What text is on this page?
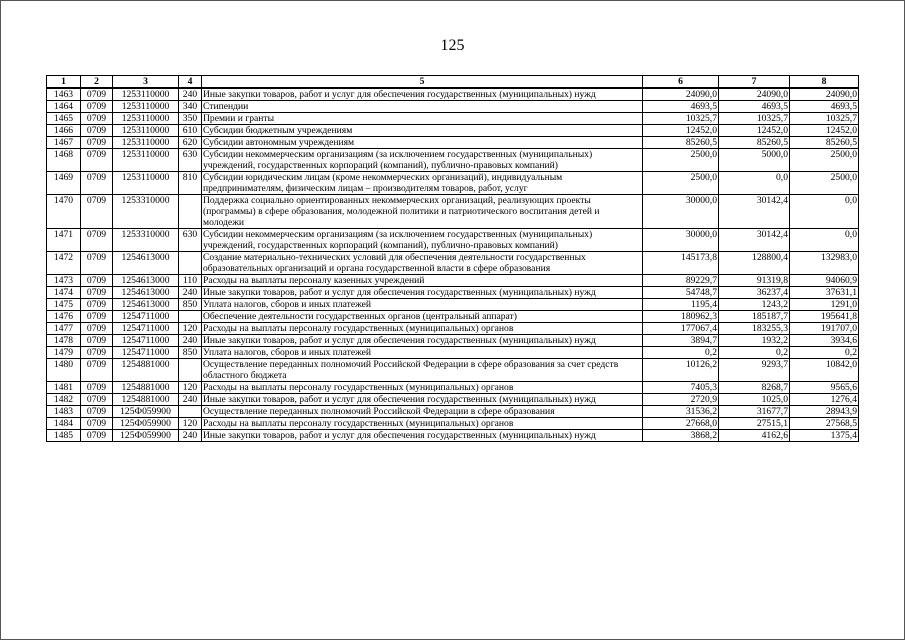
125
1	2	3	4	5	6	7	8
1463	0709	1253110000	240	Иные закупки товаров, работ и услуг для обеспечения государственных (муниципальных) нужд	24090,0	24090,0	24090,0
1464	0709	1253110000	340	Стипендии	4693,5	4693,5	4693,5
1465	0709	1253110000	350	Премии и гранты	10325,7	10325,7	10325,7
1466	0709	1253110000	610	Субсидии бюджетным учреждениям	12452,0	12452,0	12452,0
1467	0709	1253110000	620	Субсидии автономным учреждениям	85260,5	85260,5	85260,5
1468	0709	1253110000	630	Субсидии некоммерческим организациям (за исключением государственных (муниципальных) учреждений, государственных корпораций (компаний), публично-правовых компаний)	2500,0	5000,0	2500,0
1469	0709	1253110000	810	Субсидии юридическим лицам (кроме некоммерческих организаций), индивидуальным предпринимателям, физическим лицам – производителям товаров, работ, услуг	2500,0	0,0	2500,0
1470	0709	1253310000		Поддержка социально ориентированных некоммерческих организаций, реализующих проекты (программы) в сфере образования, молодежной политики и патриотического воспитания детей и молодежи	30000,0	30142,4	0,0
1471	0709	1253310000	630	Субсидии некоммерческим организациям (за исключением государственных (муниципальных) учреждений, государственных корпораций (компаний), публично-правовых компаний)	30000,0	30142,4	0,0
1472	0709	1254613000		Создание материально-технических условий для обеспечения деятельности государственных образовательных организаций и органа государственной власти в сфере образования	145173,8	128800,4	132983,0
1473	0709	1254613000	110	Расходы на выплаты персоналу казенных учреждений	89229,7	91319,8	94060,9
1474	0709	1254613000	240	Иные закупки товаров, работ и услуг для обеспечения государственных (муниципальных) нужд	54748,7	36237,4	37631,1
1475	0709	1254613000	850	Уплата налогов, сборов и иных платежей	1195,4	1243,2	1291,0
1476	0709	1254711000		Обеспечение деятельности государственных органов (центральный аппарат)	180962,3	185187,7	195641,8
1477	0709	1254711000	120	Расходы на выплаты персоналу государственных (муниципальных) органов	177067,4	183255,3	191707,0
1478	0709	1254711000	240	Иные закупки товаров, работ и услуг для обеспечения государственных (муниципальных) нужд	3894,7	1932,2	3934,6
1479	0709	1254711000	850	Уплата налогов, сборов и иных платежей	0,2	0,2	0,2
1480	0709	1254881000		Осуществление переданных полномочий Российской Федерации в сфере образования за счет средств областного бюджета	10126,2	9293,7	10842,0
1481	0709	1254881000	120	Расходы на выплаты персоналу государственных (муниципальных) органов	7405,3	8268,7	9565,6
1482	0709	1254881000	240	Иные закупки товаров, работ и услуг для обеспечения государственных (муниципальных) нужд	2720,9	1025,0	1276,4
1483	0709	125Ф059900		Осуществление переданных полномочий Российской Федерации в сфере образования	31536,2	31677,7	28943,9
1484	0709	125Ф059900	120	Расходы на выплаты персоналу государственных (муниципальных) органов	27668,0	27515,1	27568,5
1485	0709	125Ф059900	240	Иные закупки товаров, работ и услуг для обеспечения государственных (муниципальных) нужд	3868,2	4162,6	1375,4
